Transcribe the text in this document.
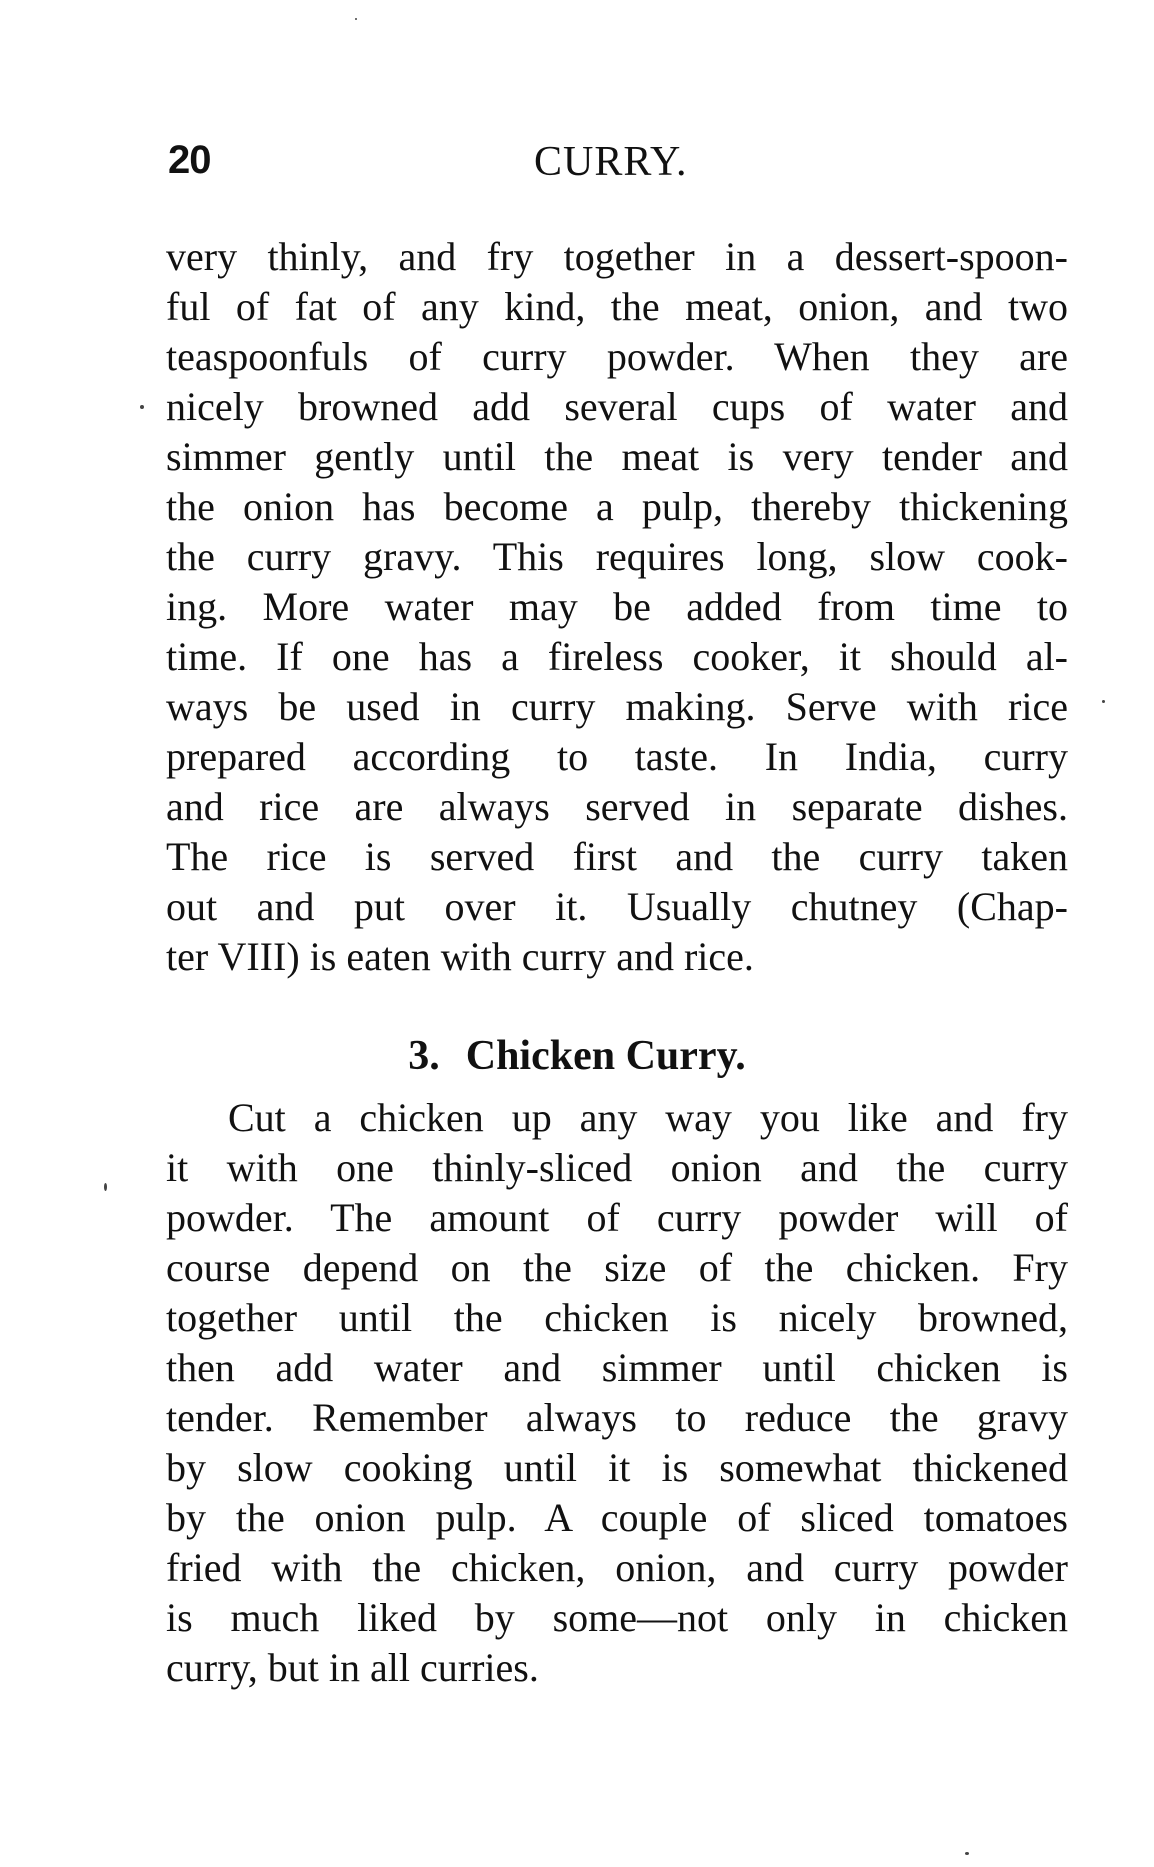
20	CURRY.
very thinly, and fry together in a dessert-spoon-
ful of fat of any kind, the meat, onion, and two
teaspoonfuls of curry powder. When they are
nicely browned add several cups of water and
simmer gently until the meat is very tender and
the onion has become a pulp, thereby thickening
the curry gravy. This requires long, slow cook-
ing. More water may be added from time to
time. If one has a fireless cooker, it should al-
ways be used in curry making. Serve with rice
prepared according to taste. In India, curry
and rice are always served in separate dishes.
The rice is served first and the curry taken
out and put over it. Usually chutney (Chap-
ter VIII) is eaten with curry and rice.
3. Chicken Curry.
Cut a chicken up any way you like and fry
it with one thinly-sliced onion and the curry
powder. The amount of curry powder will of
course depend on the size of the chicken. Fry
together until the chicken is nicely browned,
then add water and simmer until chicken is
tender. Remember always to reduce the gravy
by slow cooking until it is somewhat thickened
by the onion pulp. A couple of sliced tomatoes
fried with the chicken, onion, and curry powder
is much liked by some—not only in chicken
curry, but in all curries.
